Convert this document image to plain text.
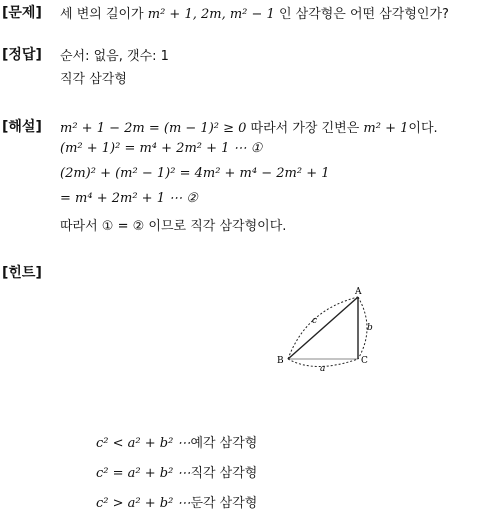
[문제] 세 변의 길이가 m² + 1, 2m, m² − 1 인 삼각형은 어떤 삼각형인가?
[정답] 순서: 없음, 갯수: 1
직각 삼각형
[해설] m² + 1 − 2m = (m − 1)² ≥ 0 따라서 가장 긴변은 m² + 1이다.
(m² + 1)² = m⁴ + 2m² + 1 ⋯ ①
(2m)² + (m² − 1)² = 4m² + m⁴ − 2m² + 1
= m⁴ + 2m² + 1 ⋯ ②
따라서 ① = ② 이므로 직각 삼각형이다.
[힌트]
A
B	C
a
b
c
c² < a² + b² ⋯예각 삼각형
c² = a² + b² ⋯직각 삼각형
c² > a² + b² ⋯둔각 삼각형
